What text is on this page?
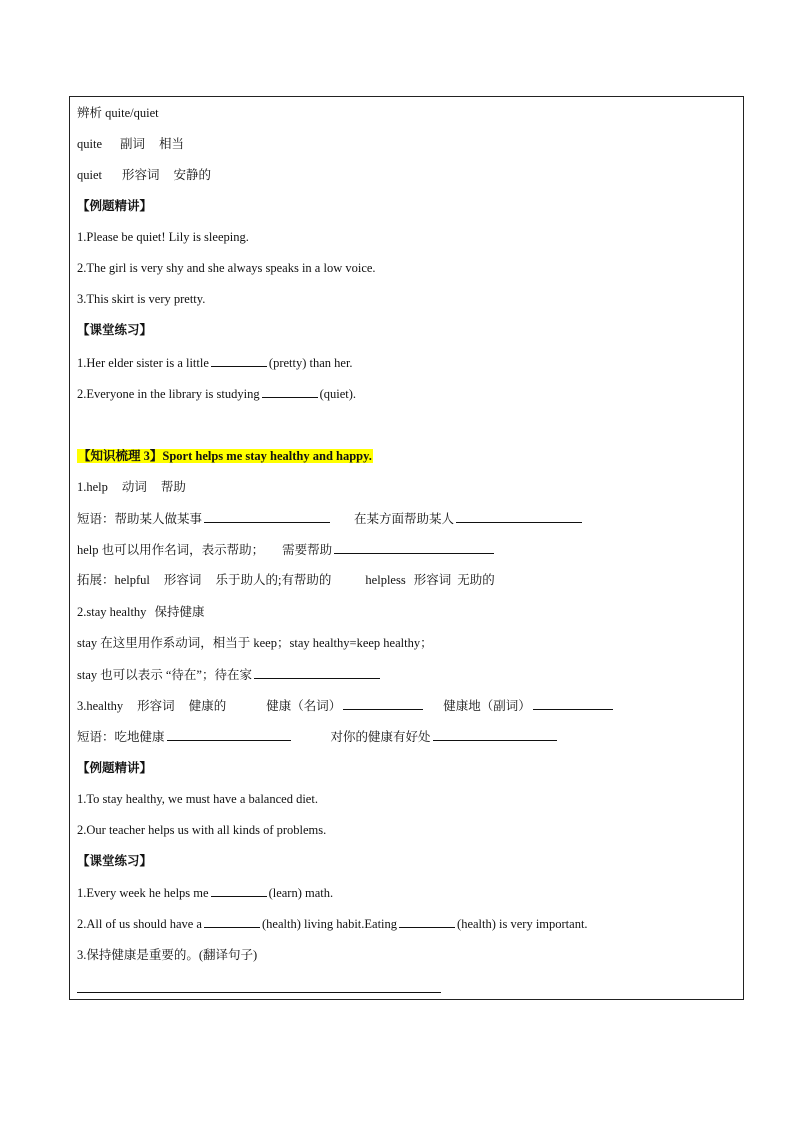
辨析 quite/quiet
quite 副词 相当
quiet 形容词 安静的
【例题精讲】
1.Please be quiet! Lily is sleeping.
2.The girl is very shy and she always speaks in a low voice.
3.This skirt is very pretty.
【课堂练习】
1.Her elder sister is a little	(pretty) than her.
2.Everyone in the library is studying	(quiet).
【知识梳理 3】Sport helps me stay healthy and happy.
1.help 动词 帮助
短语：帮助某人做某事	在某方面帮助某人
help 也可以用作名词，表示帮助； 需要帮助
拓展：helpful 形容词 乐于助人的;有帮助的	helpless 形容词 无助的
2.stay healthy 保持健康
stay 在这里用作系动词，相当于 keep；stay healthy=keep healthy；
stay 也可以表示 “待在”；待在家
3.healthy 形容词 健康的	健康（名词）	健康地（副词）
短语：吃地健康	对你的健康有好处
【例题精讲】
1.To stay healthy, we must have a balanced diet.
2.Our teacher helps us with all kinds of problems.
【课堂练习】
1.Every week he helps me	(learn) math.
2.All of us should have a	(health) living habit.Eating	(health) is very important.
3.保持健康是重要的。(翻译句子)
